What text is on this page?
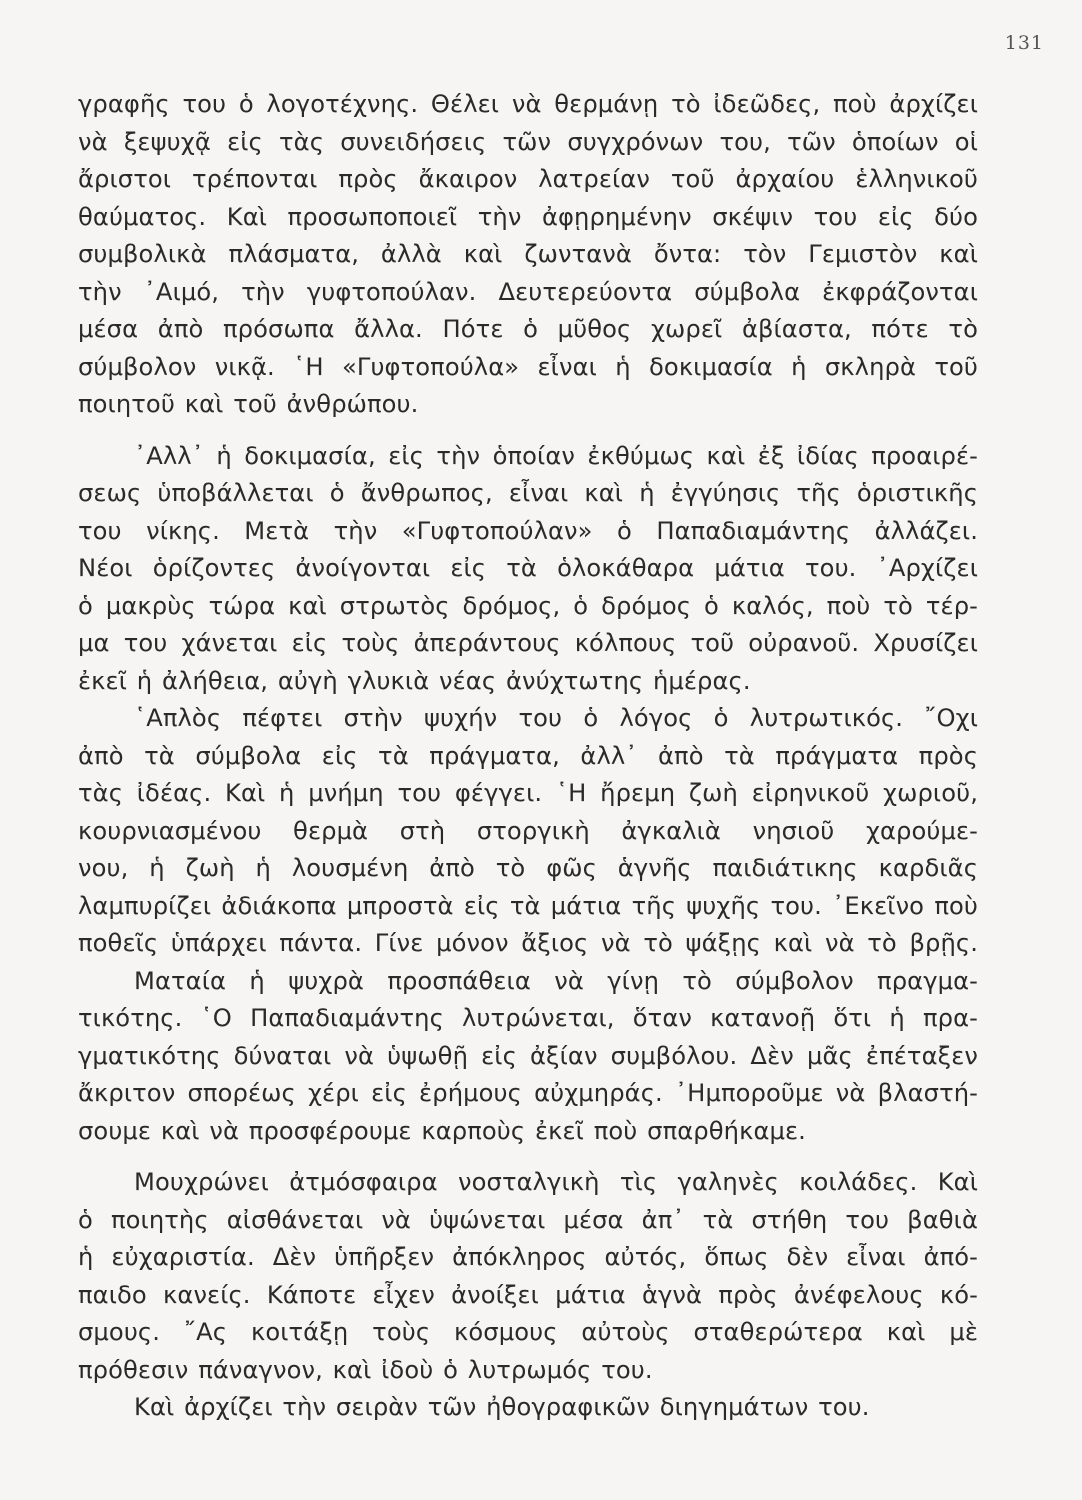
131
γραφῆς του ὁ λογοτέχνης. Θέλει νὰ θερμάνῃ τὸ ἰδεῶδες, ποὺ ἀρχίζει
νὰ ξεψυχᾷ εἰς τὰς συνειδήσεις τῶν συγχρόνων του, τῶν ὁποίων οἱ
ἄριστοι τρέπονται πρὸς ἄκαιρον λατρείαν τοῦ ἀρχαίου ἑλληνικοῦ
θαύματος. Καὶ προσωποποιεῖ τὴν ἀφῃρημένην σκέψιν του εἰς δύο
συμβολικὰ πλάσματα, ἀλλὰ καὶ ζωντανὰ ὄντα: τὸν Γεμιστὸν καὶ
τὴν ᾿Αιμό, τὴν γυφτοπούλαν. Δευτερεύοντα σύμβολα ἐκφράζονται
μέσα ἀπὸ πρόσωπα ἄλλα. Πότε ὁ μῦθος χωρεῖ ἀβίαστα, πότε τὸ
σύμβολον νικᾷ. ῾Η «Γυφτοπούλα» εἶναι ἡ δοκιμασία ἡ σκληρὰ τοῦ
ποιητοῦ καὶ τοῦ ἀνθρώπου.
᾿Αλλ᾿ ἡ δοκιμασία, εἰς τὴν ὁποίαν ἐκθύμως καὶ ἐξ ἰδίας προαιρέ-
σεως ὑποβάλλεται ὁ ἄνθρωπος, εἶναι καὶ ἡ ἐγγύησις τῆς ὁριστικῆς
του νίκης. Μετὰ τὴν «Γυφτοπούλαν» ὁ Παπαδιαμάντης ἀλλάζει.
Νέοι ὁρίζοντες ἀνοίγονται εἰς τὰ ὁλοκάθαρα μάτια του. ᾿Αρχίζει
ὁ μακρὺς τώρα καὶ στρωτὸς δρόμος, ὁ δρόμος ὁ καλός, ποὺ τὸ τέρ-
μα του χάνεται εἰς τοὺς ἀπεράντους κόλπους τοῦ οὐρανοῦ. Χρυσίζει
ἐκεῖ ἡ ἀλήθεια, αὐγὴ γλυκιὰ νέας ἀνύχτωτης ἡμέρας.
῾Απλὸς πέφτει στὴν ψυχήν του ὁ λόγος ὁ λυτρωτικός. ῎Οχι
ἀπὸ τὰ σύμβολα εἰς τὰ πράγματα, ἀλλ᾿ ἀπὸ τὰ πράγματα πρὸς
τὰς ἰδέας. Καὶ ἡ μνήμη του φέγγει. ῾Η ἤρεμη ζωὴ εἰρηνικοῦ χωριοῦ,
κουρνιασμένου θερμὰ στὴ στοργικὴ ἀγκαλιὰ νησιοῦ χαρούμε-
νου, ἡ ζωὴ ἡ λουσμένη ἀπὸ τὸ φῶς ἁγνῆς παιδιάτικης καρδιᾶς
λαμπυρίζει ἀδιάκοπα μπροστὰ εἰς τὰ μάτια τῆς ψυχῆς του. ᾿Εκεῖνο ποὺ
ποθεῖς ὑπάρχει πάντα. Γίνε μόνον ἄξιος νὰ τὸ ψάξῃς καὶ νὰ τὸ βρῇς.
Ματαία ἡ ψυχρὰ προσπάθεια νὰ γίνῃ τὸ σύμβολον πραγμα-
τικότης. ῾Ο Παπαδιαμάντης λυτρώνεται, ὅταν κατανοῇ ὅτι ἡ πρα-
γματικότης δύναται νὰ ὑψωθῇ εἰς ἀξίαν συμβόλου. Δὲν μᾶς ἐπέταξεν
ἄκριτον σπορέως χέρι εἰς ἐρήμους αὐχμηράς. ᾿Ημποροῦμε νὰ βλαστή-
σουμε καὶ νὰ προσφέρουμε καρποὺς ἐκεῖ ποὺ σπαρθήκαμε.
Μουχρώνει ἀτμόσφαιρα νοσταλγικὴ τὶς γαληνὲς κοιλάδες. Καὶ
ὁ ποιητὴς αἰσθάνεται νὰ ὑψώνεται μέσα ἀπ᾿ τὰ στήθη του βαθιὰ
ἡ εὐχαριστία. Δὲν ὑπῆρξεν ἀπόκληρος αὐτός, ὅπως δὲν εἶναι ἀπό-
παιδο κανείς. Κάποτε εἶχεν ἀνοίξει μάτια ἁγνὰ πρὸς ἀνέφελους κό-
σμους. ῎Ας κοιτάξῃ τοὺς κόσμους αὐτοὺς σταθερώτερα καὶ μὲ
πρόθεσιν πάναγνον, καὶ ἰδοὺ ὁ λυτρωμός του.
Καὶ ἀρχίζει τὴν σειρὰν τῶν ἠθογραφικῶν διηγημάτων του.
